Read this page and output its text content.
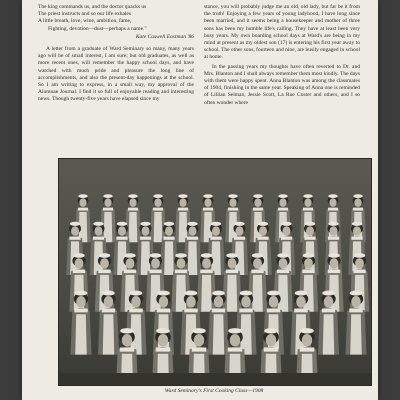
The king commands us, and the doctor quacks us
The priest instructs and so our life exhales
A little breath, love, wine, ambition, fame,
Fighting, devotion—dust—perhaps a name."
Kate Caswell Eastman '86

A letter from a graduate of Ward Seminary so many, many years ago will be of small interest, I am sure; but old graduates, as well as more recent ones, will remember the happy school days, and have watched with much pride and pleasure the long line of accomplishments, and also the present-day happenings at the school. So I am writing to express, in a small way, my approval of the Alumnae Journal. I find it so full of enjoyable reading and interesting news. Though twenty-five years have elapsed since my

stance, you will probably judge me an old, old lady, but far be it from the truth! Enjoying a few years of young ladyhood, I have long since been married, and it seems being a housekeeper and mother of three sons has been my humble life's calling. They have at least been very busy years. My own boarding school days at Ward's are being in my mind at present as my oldest son (17) is entering his first year away to school. The other sons, fourteen and nine, are busily engaged in school at home.

In the passing years my thoughts have often reverted to Dr. and Mrs. Blanton and I shall always remember them most kindly. The days with them were happy spent. Anna Blanton was among the classmates of 1904, finishing in the same year. Speaking of Anna one is reminded of Lillian Selman, Jessie Scott, La Rue Coster and others, and I so often wonder where

Ward Seminary's First Cooking Class—1908
